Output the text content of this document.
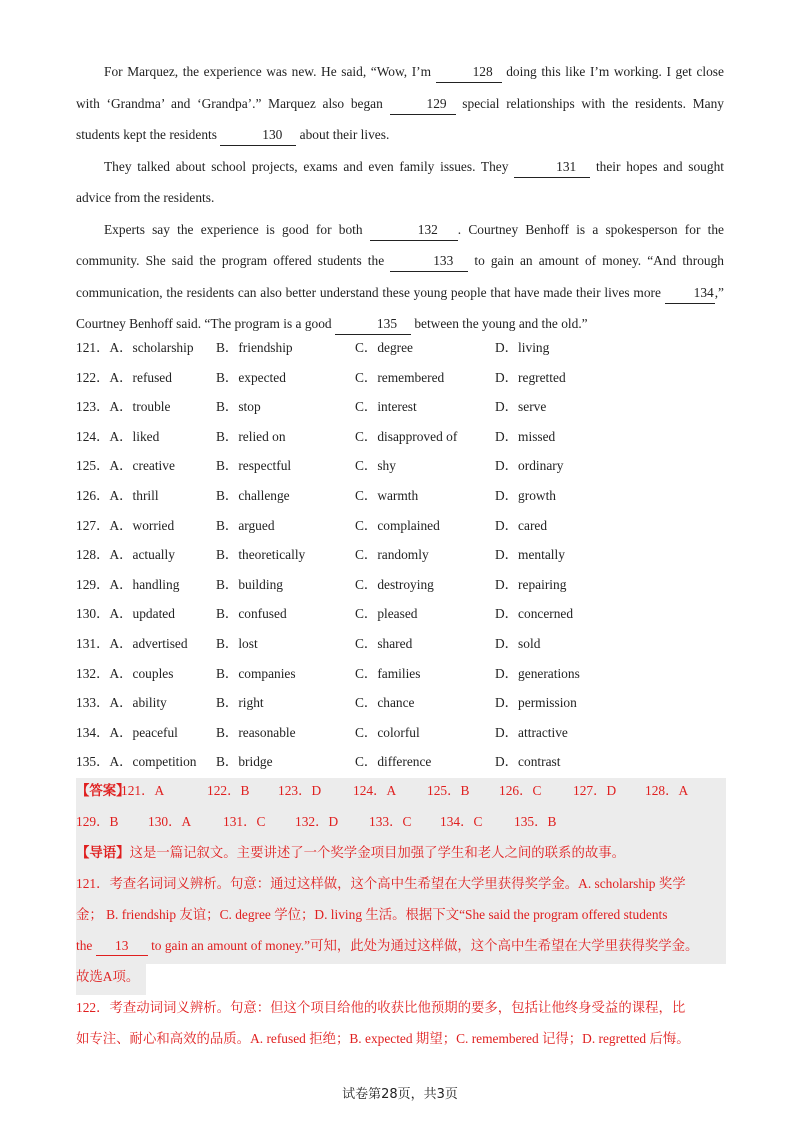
For Marquez, the experience was new. He said, “Wow, I’m	128 doing this like I’m working. I get close with ‘Grandma’ and ‘Grandpa’.” Marquez also began	129 special relationships with the residents. Many students kept the residents	130 about their lives.

They talked about school projects, exams and even family issues. They	131 their hopes and sought advice from the residents.

Experts say the experience is good for both	132 . Courtney Benhoff is a spokesperson for the community. She said the program offered students the	133 to gain an amount of money. “And through communication, the residents can also better understand these young people that have made their lives more 134,” Courtney Benhoff said. “The program is a good	135 between the young and the old.”

121．A．scholarship B．friendship	C．degree	D．living
122．A．refused	B．expected	C．remembered	D．regretted
123．A．trouble	B．stop	C．interest	D．serve
124．A．liked	B．relied on	C．disapproved of	D．missed
125．A．creative	B．respectful	C．shy	D．ordinary
126．A．thrill	B．challenge	C．warmth	D．growth
127．A．worried	B．argued	C．complained	D．cared
128．A．actually	B．theoretically	C．randomly	D．mentally
129．A．handling	B．building	C．destroying	D．repairing
130．A．updated	B．confused	C．pleased	D．concerned
131．A．advertised B．lost	C．shared	D．sold
132．A．couples	B．companies	C．families	D．generations
133．A．ability	B．right	C．chance	D．permission
134．A．peaceful	B．reasonable	C．colorful	D．attractive
135．A．competition B．bridge	C．difference	D．contrast
【答案】
121．A	122．B 123．D 124．A 125．B 126．C 127．D 128．A
129．B 130．A 131．C 132．D 133．C 134．C 135．B
【导语】这是一篇记叙文。主要讲述了一个奖学金项目加强了学生和老人之间的联系的故事。
121．考查名词词义辨析。句意：通过这样做，这个高中生希望在大学里获得奖学金。A. scholarship 奖学
金； B. friendship 友谊；C. degree 学位；D. living 生活。根据下文“She said the program offered students
the 13 to gain an amount of money.”可知，此处为通过这样做，这个高中生希望在大学里获得奖学金。
故选A项。
122．考查动词词义辨析。句意：但这个项目给他的收获比他预期的要多，包括让他终身受益的课程，比
如专注、耐心和高效的品质。A. refused 拒绝；B. expected 期望；C. remembered 记得；D. regretted 后悔。
试卷第28页，共3页
